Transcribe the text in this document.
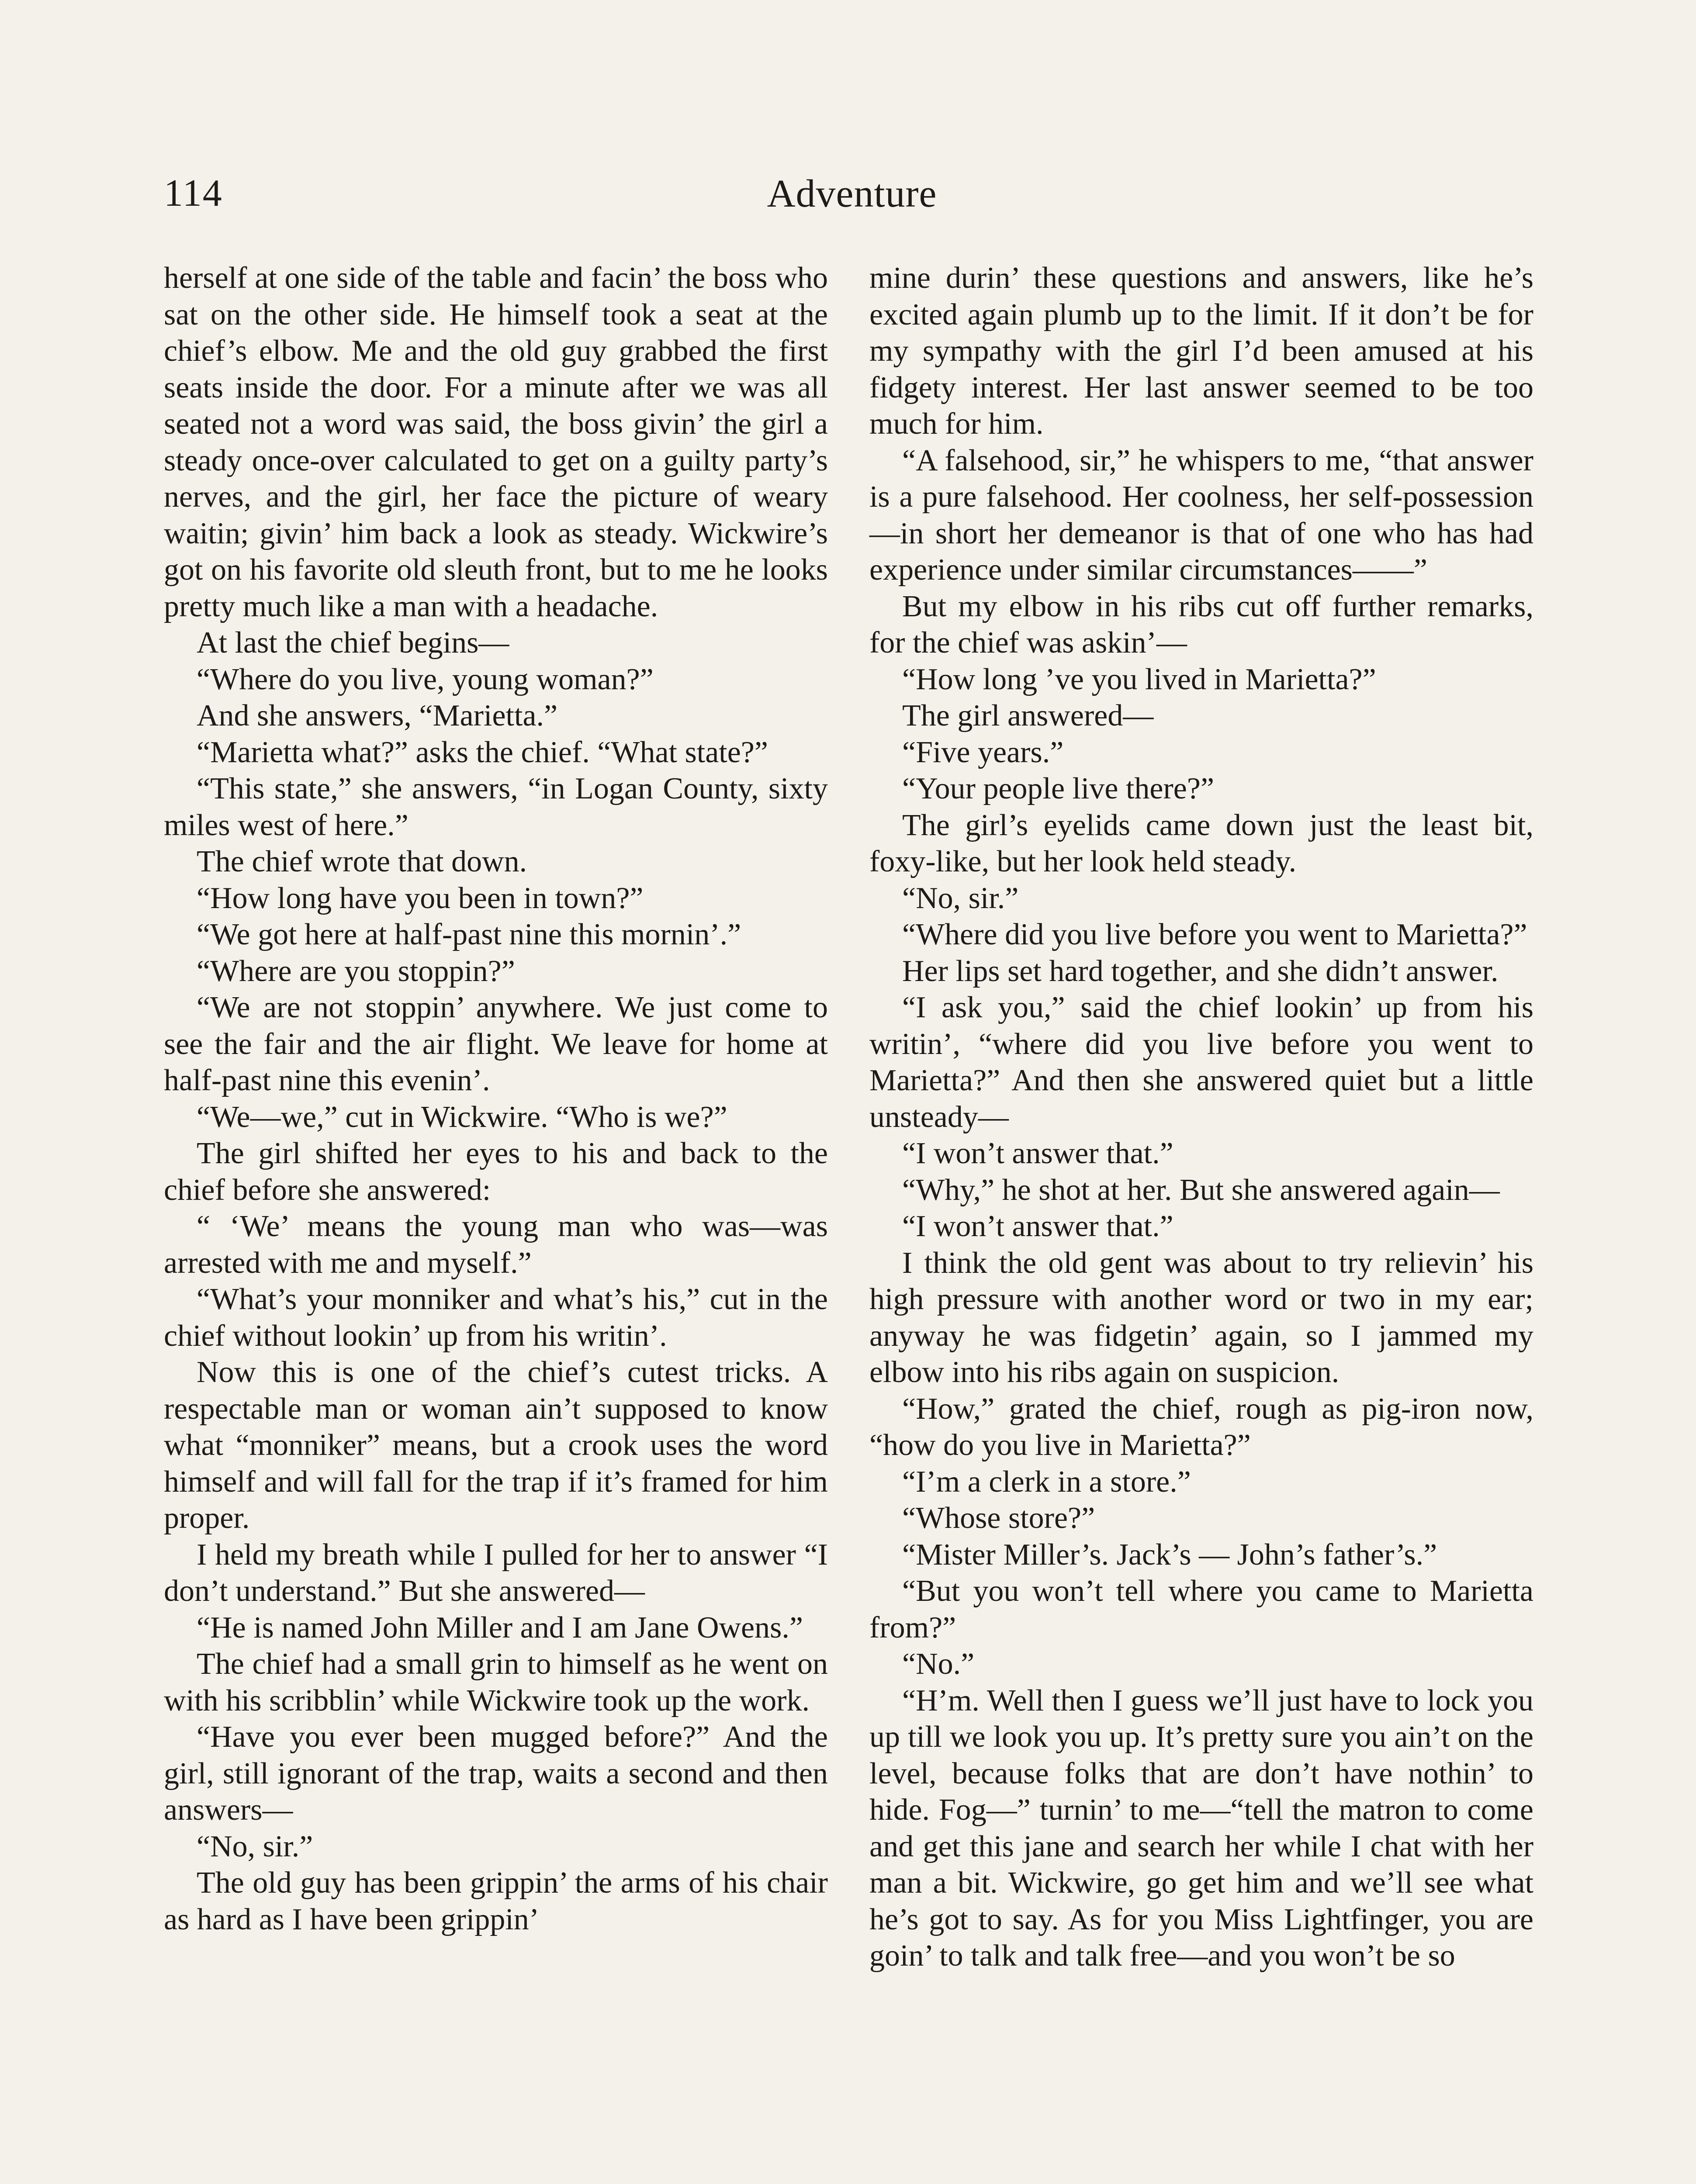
114	Adventure

herself at one side of the table and facin’ the boss who sat on the other side. He himself took a seat at the chief’s elbow. Me and the old guy grabbed the first seats inside the door. For a minute after we was all seated not a word was said, the boss givin’ the girl a steady once-over calculated to get on a guilty party’s nerves, and the girl, her face the picture of weary waitin; givin’ him back a look as steady. Wickwire’s got on his favorite old sleuth front, but to me he looks pretty much like a man with a headache.

At last the chief begins—

“Where do you live, young woman?”

And she answers, “Marietta.”

“Marietta what?” asks the chief. “What state?”

“This state,” she answers, “in Logan County, sixty miles west of here.”

The chief wrote that down.

“How long have you been in town?”

“We got here at half-past nine this mornin’.”

“Where are you stoppin?”

“We are not stoppin’ anywhere. We just come to see the fair and the air flight. We leave for home at half-past nine this evenin’.

“We—we,” cut in Wickwire. “Who is we?”

The girl shifted her eyes to his and back to the chief before she answered:

“ ‘We’ means the young man who was—was arrested with me and myself.”

“What’s your monniker and what’s his,” cut in the chief without lookin’ up from his writin’.

Now this is one of the chief’s cutest tricks. A respectable man or woman ain’t supposed to know what “monniker” means, but a crook uses the word himself and will fall for the trap if it’s framed for him proper.

I held my breath while I pulled for her to answer “I don’t understand.” But she answered—

“He is named John Miller and I am Jane Owens.”

The chief had a small grin to himself as he went on with his scribblin’ while Wickwire took up the work.

“Have you ever been mugged before?” And the girl, still ignorant of the trap, waits a second and then answers—

“No, sir.”

The old guy has been grippin’ the arms of his chair as hard as I have been grippin’

mine durin’ these questions and answers, like he’s excited again plumb up to the limit. If it don’t be for my sympathy with the girl I’d been amused at his fidgety interest. Her last answer seemed to be too much for him.

“A falsehood, sir,” he whispers to me, “that answer is a pure falsehood. Her coolness, her self-possession—in short her demeanor is that of one who has had experience under similar circumstances——”

But my elbow in his ribs cut off further remarks, for the chief was askin’—

“How long ’ve you lived in Marietta?”

The girl answered—

“Five years.”

“Your people live there?”

The girl’s eyelids came down just the least bit, foxy-like, but her look held steady.

“No, sir.”

“Where did you live before you went to Marietta?”

Her lips set hard together, and she didn’t answer.

“I ask you,” said the chief lookin’ up from his writin’, “where did you live before you went to Marietta?” And then she answered quiet but a little unsteady—

“I won’t answer that.”

“Why,” he shot at her. But she answered again—

“I won’t answer that.”

I think the old gent was about to try relievin’ his high pressure with another word or two in my ear; anyway he was fidgetin’ again, so I jammed my elbow into his ribs again on suspicion.

“How,” grated the chief, rough as pig-iron now, “how do you live in Marietta?”

“I’m a clerk in a store.”

“Whose store?”

“Mister Miller’s. Jack’s — John’s father’s.”

“But you won’t tell where you came to Marietta from?”

“No.”

“H’m. Well then I guess we’ll just have to lock you up till we look you up. It’s pretty sure you ain’t on the level, because folks that are don’t have nothin’ to hide. Fog—” turnin’ to me—“tell the matron to come and get this jane and search her while I chat with her man a bit. Wickwire, go get him and we’ll see what he’s got to say. As for you Miss Lightfinger, you are goin’ to talk and talk free—and you won’t be so
